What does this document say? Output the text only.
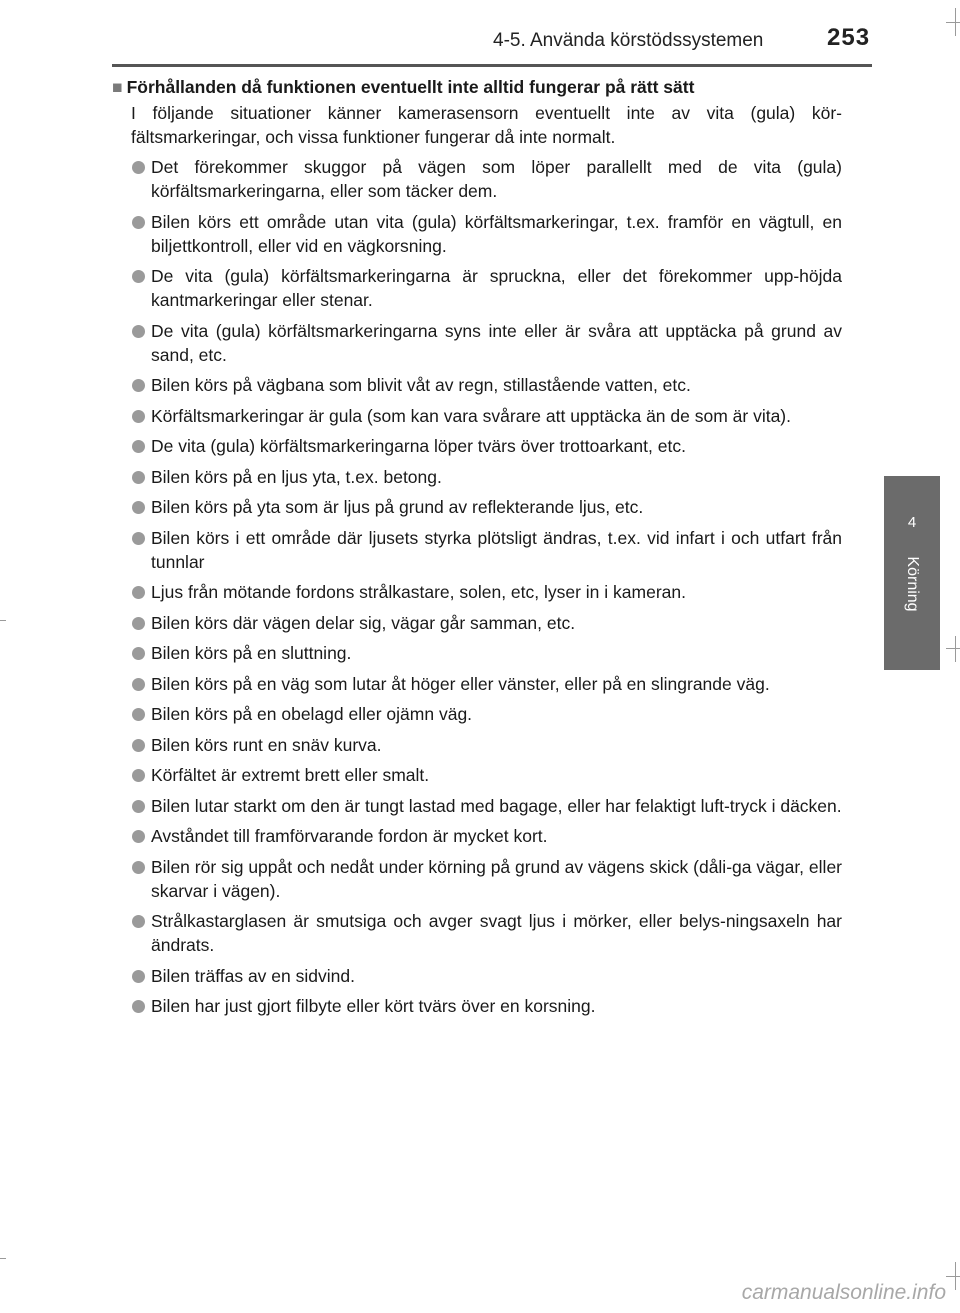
4-5. Använda körstödssystemen	253
4
Körning
■ Förhållanden då funktionen eventuellt inte alltid fungerar på rätt sätt

I följande situationer känner kamerasensorn eventuellt inte av vita (gula) kör-fältsmarkeringar, och vissa funktioner fungerar då inte normalt.

Det förekommer skuggor på vägen som löper parallellt med de vita (gula) körfältsmarkeringarna, eller som täcker dem.
Bilen körs ett område utan vita (gula) körfältsmarkeringar, t.ex. framför en vägtull, en biljettkontroll, eller vid en vägkorsning.
De vita (gula) körfältsmarkeringarna är spruckna, eller det förekommer upp-höjda kantmarkeringar eller stenar.
De vita (gula) körfältsmarkeringarna syns inte eller är svåra att upptäcka på grund av sand, etc.
Bilen körs på vägbana som blivit våt av regn, stillastående vatten, etc.
Körfältsmarkeringar är gula (som kan vara svårare att upptäcka än de som är vita).
De vita (gula) körfältsmarkeringarna löper tvärs över trottoarkant, etc.
Bilen körs på en ljus yta, t.ex. betong.
Bilen körs på yta som är ljus på grund av reflekterande ljus, etc.
Bilen körs i ett område där ljusets styrka plötsligt ändras, t.ex. vid infart i och utfart från tunnlar
Ljus från mötande fordons strålkastare, solen, etc, lyser in i kameran.
Bilen körs där vägen delar sig, vägar går samman, etc.
Bilen körs på en sluttning.
Bilen körs på en väg som lutar åt höger eller vänster, eller på en slingrande väg.
Bilen körs på en obelagd eller ojämn väg.
Bilen körs runt en snäv kurva.
Körfältet är extremt brett eller smalt.
Bilen lutar starkt om den är tungt lastad med bagage, eller har felaktigt luft-tryck i däcken.
Avståndet till framförvarande fordon är mycket kort.
Bilen rör sig uppåt och nedåt under körning på grund av vägens skick (dåli-ga vägar, eller skarvar i vägen).
Strålkastarglasen är smutsiga och avger svagt ljus i mörker, eller belys-ningsaxeln har ändrats.
Bilen träffas av en sidvind.
Bilen har just gjort filbyte eller kört tvärs över en korsning.
carmanualsonline.info
